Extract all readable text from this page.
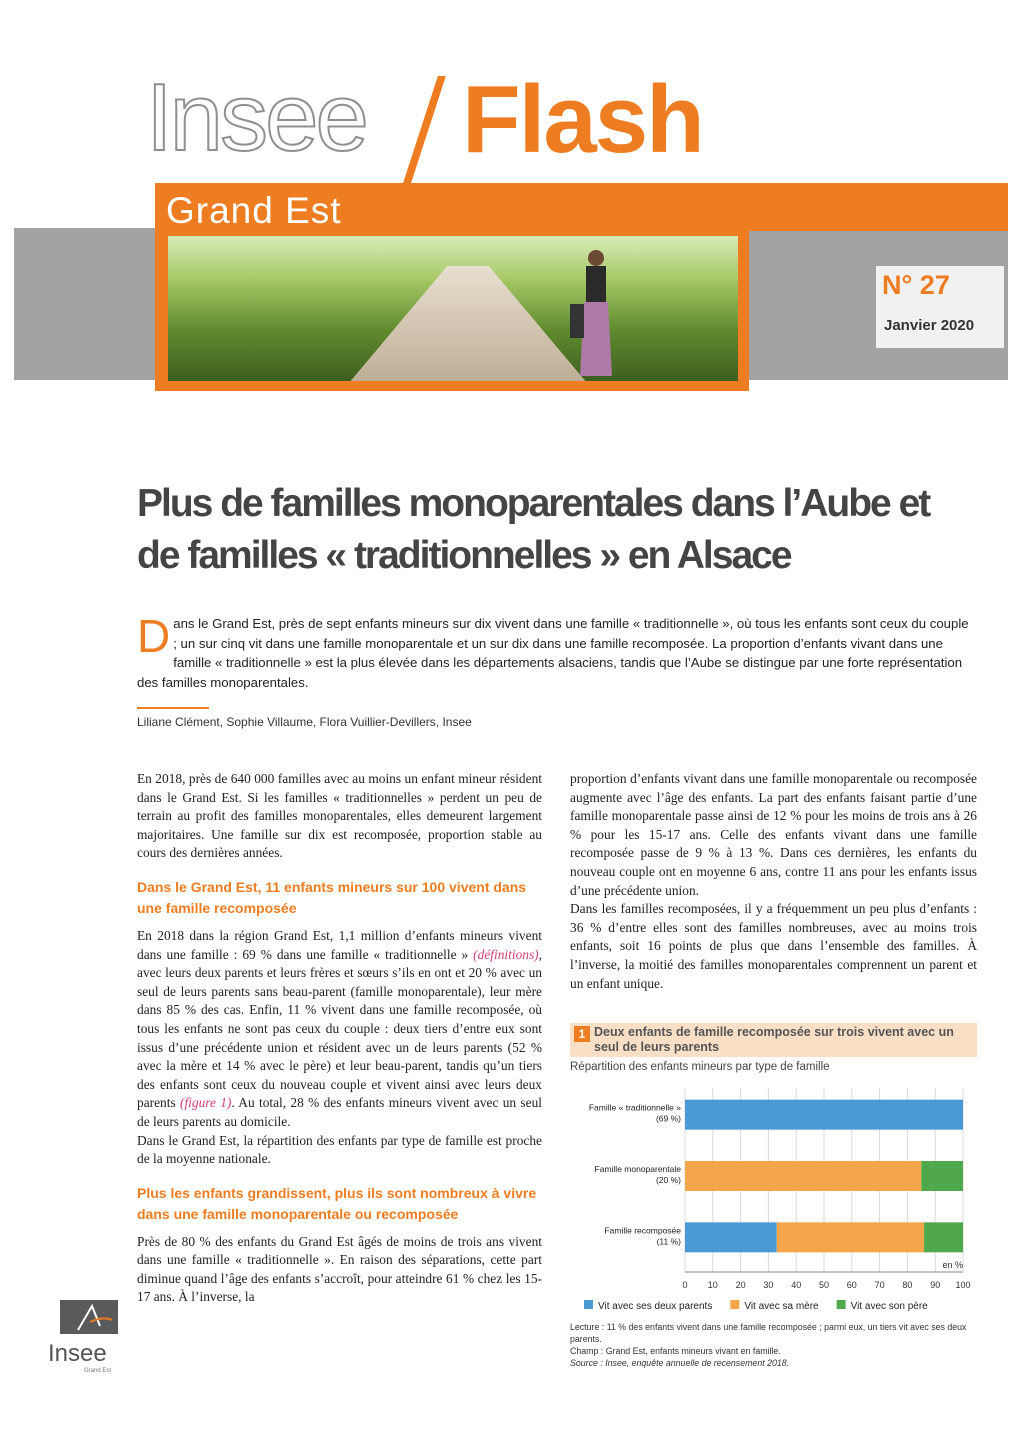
Insee Flash
Grand Est
N° 27
Janvier 2020
Plus de familles monoparentales dans l’Aube et de familles « traditionnelles » en Alsace
Dans le Grand Est, près de sept enfants mineurs sur dix vivent dans une famille « traditionnelle », où tous les enfants sont ceux du couple ; un sur cinq vit dans une famille monoparentale et un sur dix dans une famille recomposée. La proportion d’enfants vivant dans une famille « traditionnelle » est la plus élevée dans les départements alsaciens, tandis que l’Aube se distingue par une forte représentation des familles monoparentales.
Liliane Clément, Sophie Villaume, Flora Vuillier-Devillers, Insee

En 2018, près de 640 000 familles avec au moins un enfant mineur résident dans le Grand Est. Si les familles « traditionnelles » perdent un peu de terrain au profit des familles monoparentales, elles demeurent largement majoritaires. Une famille sur dix est recomposée, proportion stable au cours des dernières années.

Dans le Grand Est, 11 enfants mineurs sur 100 vivent dans une famille recomposée

En 2018 dans la région Grand Est, 1,1 million d’enfants mineurs vivent dans une famille : 69 % dans une famille « traditionnelle » (définitions), avec leurs deux parents et leurs frères et sœurs s’ils en ont et 20 % avec un seul de leurs parents sans beau-parent (famille monoparentale), leur mère dans 85 % des cas. Enfin, 11 % vivent dans une famille recomposée, où tous les enfants ne sont pas ceux du couple : deux tiers d’entre eux sont issus d’une précédente union et résident avec un de leurs parents (52 % avec la mère et 14 % avec le père) et leur beau-parent, tandis qu’un tiers des enfants sont ceux du nouveau couple et vivent ainsi avec leurs deux parents (figure 1). Au total, 28 % des enfants mineurs vivent avec un seul de leurs parents au domicile.

Dans le Grand Est, la répartition des enfants par type de famille est proche de la moyenne nationale.

Plus les enfants grandissent, plus ils sont nombreux à vivre dans une famille monoparentale ou recomposée

Près de 80 % des enfants du Grand Est âgés de moins de trois ans vivent dans une famille « traditionnelle ». En raison des séparations, cette part diminue quand l’âge des enfants s’accroît, pour atteindre 61 % chez les 15-17 ans. À l’inverse, la

proportion d’enfants vivant dans une famille monoparentale ou recomposée augmente avec l’âge des enfants. La part des enfants faisant partie d’une famille monoparentale passe ainsi de 12 % pour les moins de trois ans à 26 % pour les 15-17 ans. Celle des enfants vivant dans une famille recomposée passe de 9 % à 13 %. Dans ces dernières, les enfants du nouveau couple ont en moyenne 6 ans, contre 11 ans pour les enfants issus d’une précédente union.

Dans les familles recomposées, il y a fréquemment un peu plus d’enfants : 36 % d’entre elles sont des familles nombreuses, avec au moins trois enfants, soit 16 points de plus que dans l’ensemble des familles. À l’inverse, la moitié des familles monoparentales comprennent un parent et un enfant unique.

1 Deux enfants de famille recomposée sur trois vivent avec un seul de leurs parents
Répartition des enfants mineurs par type de famille
0 10 20 30 40 50 60 70 80 90 100
en %
Famille « traditionnelle »
(69 %)
Famille monoparentale
(20 %)
Famille recomposée
(11 %)
Vit avec ses deux parents	Vit avec sa mère	Vit avec son père
Lecture : 11 % des enfants vivent dans une famille recomposée ; parmi eux, un tiers vit avec ses deux parents.
Champ : Grand Est, enfants mineurs vivant en famille.
Source : Insee, enquête annuelle de recensement 2018.
Insee
Grand Est
